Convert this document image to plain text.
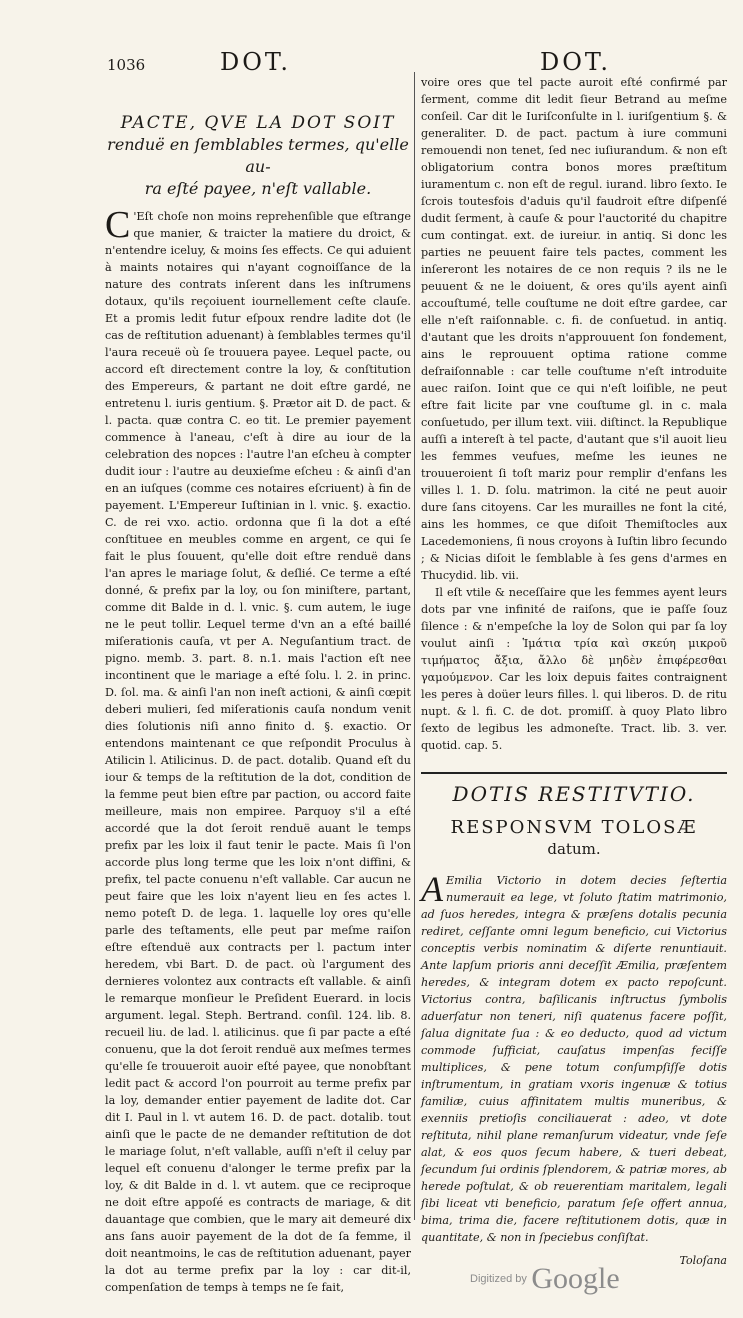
1036	DOT.	DOT.
PACTE, QVE LA DOT SOIT
renduë en ſemblables termes, qu'elle au-
ra eſté payee, n'eſt vallable.
C 'Eſt choſe non moins reprehenſible que eſtrange que manier, & traicter la matiere du droict, & n'entendre iceluy, & moins ſes effects. Ce qui aduient à maints notaires qui n'ayant cognoiſſance de la nature des contrats inſerent dans les inſtrumens dotaux, qu'ils reçoiuent iournellement ceſte clauſe. Et a promis ledit futur eſpoux rendre ladite dot (le cas de reſtitution aduenant) à ſemblables termes qu'il l'aura receuë où ſe trouuera payee. Lequel pacte, ou accord eſt directement contre la loy, & conſtitution des Empereurs, & partant ne doit eſtre gardé, ne entretenu l. iuris gentium. §. Prætor ait D. de pact. & l. pacta. quæ contra C. eo tit. Le premier payement commence à l'aneau, c'eſt à dire au iour de la celebration des nopces : l'autre l'an eſcheu à compter dudit iour : l'autre au deuxieſme eſcheu : & ainſi d'an en an iuſques (comme ces notaires eſcriuent) à fin de payement. L'Empereur Iuſtinian in l. vnic. §. exactio. C. de rei vxo. actio. ordonna que ſi la dot a eſté conſtituee en meubles comme en argent, ce qui ſe fait le plus ſouuent, qu'elle doit eſtre renduë dans l'an apres le mariage ſolut, & deſlié. Ce terme a eſté donné, & prefix par la loy, ou ſon miniſtere, partant, comme dit Balde in d. l. vnic. §. cum autem, le iuge ne le peut tollir. Lequel terme d'vn an a eſté baillé miſerationis cauſa, vt per A. Neguſantium tract. de pigno. memb. 3. part. 8. n.1. mais l'action eſt nee incontinent que le mariage a eſté ſolu. l. 2. in princ. D. ſol. ma. & ainſi l'an non ineſt actioni, & ainſi cœpit deberi mulieri, ſed miſerationis cauſa nondum venit dies ſolutionis niſi anno finito d. §. exactio. Or entendons maintenant ce que reſpondit Proculus à Atilicin l. Atilicinus. D. de pact. dotalib. Quand eſt du iour & temps de la reſtitution de la dot, condition de la femme peut bien eſtre par paction, ou accord faite meilleure, mais non empiree. Parquoy s'il a eſté accordé que la dot ſeroit renduë auant le temps prefix par les loix il faut tenir le pacte. Mais ſi l'on accorde plus long terme que les loix n'ont diffini, & prefix, tel pacte conuenu n'eſt vallable. Car aucun ne peut faire que les loix n'ayent lieu en ſes actes l. nemo poteſt D. de lega. 1. laquelle loy ores qu'elle parle des teſtaments, elle peut par meſme raiſon eſtre eſtenduë aux contracts per l. pactum inter heredem, vbi Bart. D. de pact. où l'argument des dernieres volontez aux contracts eſt vallable. & ainſi le remarque monſieur le Preſident Euerard. in locis argument. legal. Steph. Bertrand. conſil. 124. lib. 8. recueil liu. de lad. l. atilicinus. que ſi par pacte a eſté conuenu, que la dot ſeroit renduë aux meſmes termes qu'elle ſe trouueroit auoir eſté payee, que nonobſtant ledit pact & accord l'on pourroit au terme prefix par la loy, demander entier payement de ladite dot. Car dit I. Paul in l. vt autem 16. D. de pact. dotalib. tout ainſi que le pacte de ne demander reſtitution de dot le mariage ſolut, n'eſt vallable, auſſi n'eſt il celuy par lequel eſt conuenu d'alonger le terme prefix par la loy, & dit Balde in d. l. vt autem. que ce reciproque ne doit eſtre appoſé es contracts de mariage, & dit dauantage que combien, que le mary ait demeuré dix ans ſans auoir payement de la dot de ſa femme, il doit neantmoins, le cas de reſtitution aduenant, payer la dot au terme prefix par la loy : car dit-il, compenſation de temps à temps ne ſe fait,
voire ores que tel pacte auroit eſté confirmé par ſerment, comme dit ledit ſieur Betrand au meſme conſeil. Car dit le Iuriſconſulte in l. iuriſgentium §. & generaliter. D. de pact. pactum à iure communi remouendi non tenet, ſed nec iuſiurandum. & non eſt obligatorium contra bonos mores præſtitum iuramentum c. non eſt de regul. iurand. libro ſexto. Ie ſcrois toutesfois d'aduis qu'il faudroit eſtre diſpenſé dudit ſerment, à cauſe & pour l'auctorité du chapitre cum contingat. ext. de iureiur. in antiq. Si donc les parties ne peuuent faire tels pactes, comment les inſereront les notaires de ce non requis ? ils ne le peuuent & ne le doiuent, & ores qu'ils ayent ainſi accouſtumé, telle couſtume ne doit eſtre gardee, car elle n'eſt raiſonnable. c. fi. de conſuetud. in antiq. d'autant que les droits n'approuuent ſon fondement, ains le reprouuent optima ratione comme deſraiſonnable : car telle couſtume n'eſt introduite auec raiſon. Ioint que ce qui n'eſt loiſible, ne peut eſtre fait licite par vne couſtume gl. in c. mala conſuetudo, per illum text. viii. diſtinct. la Republique auſſi a intereſt à tel pacte, d'autant que s'il auoit lieu les femmes veufues, meſme les ieunes ne trouueroient ſi toſt mariz pour remplir d'enfans les villes l. 1. D. ſolu. matrimon. la cité ne peut auoir dure ſans citoyens. Car les murailles ne font la cité, ains les hommes, ce que diſoit Themiſtocles aux Lacedemoniens, ſi nous croyons à Iuſtin libro ſecundo ; & Nicias diſoit le ſemblable à ſes gens d'armes en Thucydid. lib. vii.
Il eſt vtile & neceſſaire que les femmes ayent leurs dots par vne infinité de raiſons, que ie paſſe ſouz ſilence : & n'empeſche la loy de Solon qui par ſa loy voulut ainſi : Ἱμάτια τρία καὶ σκεύη μικροῦ τιμήματος ἄξια, ἄλλο δὲ μηδὲν ἐπιφέρεσθαι γαμούμενον. Car les loix depuis faites contraignent les peres à doüer leurs filles. l. qui liberos. D. de ritu nupt. & l. fi. C. de dot. promiſſ. à quoy Plato libro ſexto de legibus les admoneſte. Tract. lib. 3. ver. quotid. cap. 5.
DOTIS RESTITVTIO.
RESPONSVM TOLOSÆ
datum.
A Emilia Victorio in dotem decies ſeſtertia numerauit ea lege, vt ſoluto ſtatim matrimonio, ad ſuos heredes, integra & præſens dotalis pecunia rediret, ceſſante omni legum beneficio, cui Victorius conceptis verbis nominatim & diſerte renuntiauit. Ante lapſum prioris anni deceſſit Æmilia, præſentem heredes, & integram dotem ex pacto repoſcunt. Victorius contra, baſilicanis inſtructus ſymbolis aduerſatur non teneri, niſi quatenus facere poſſit, ſalua dignitate ſua : & eo deducto, quod ad victum commode ſufficiat, cauſatus impenſas feciſſe multiplices, & pene totum conſumpſiſſe dotis inſtrumentum, in gratiam vxoris ingenuæ & totius familiæ, cuius affinitatem multis muneribus, & exenniis pretioſis conciliauerat : adeo, vt dote reſtituta, nihil plane remanſurum videatur, vnde ſeſe alat, & eos quos ſecum habere, & tueri debeat, ſecundum ſui ordinis ſplendorem, & patriæ mores, ab herede poſtulat, & ob reuerentiam maritalem, legali ſibi liceat vti beneficio, paratum ſeſe offert annua, bima, trima die, facere reſtitutionem dotis, quæ in quantitate, & non in ſpeciebus conſiſtat.
Toloſana
Digitized by Google
